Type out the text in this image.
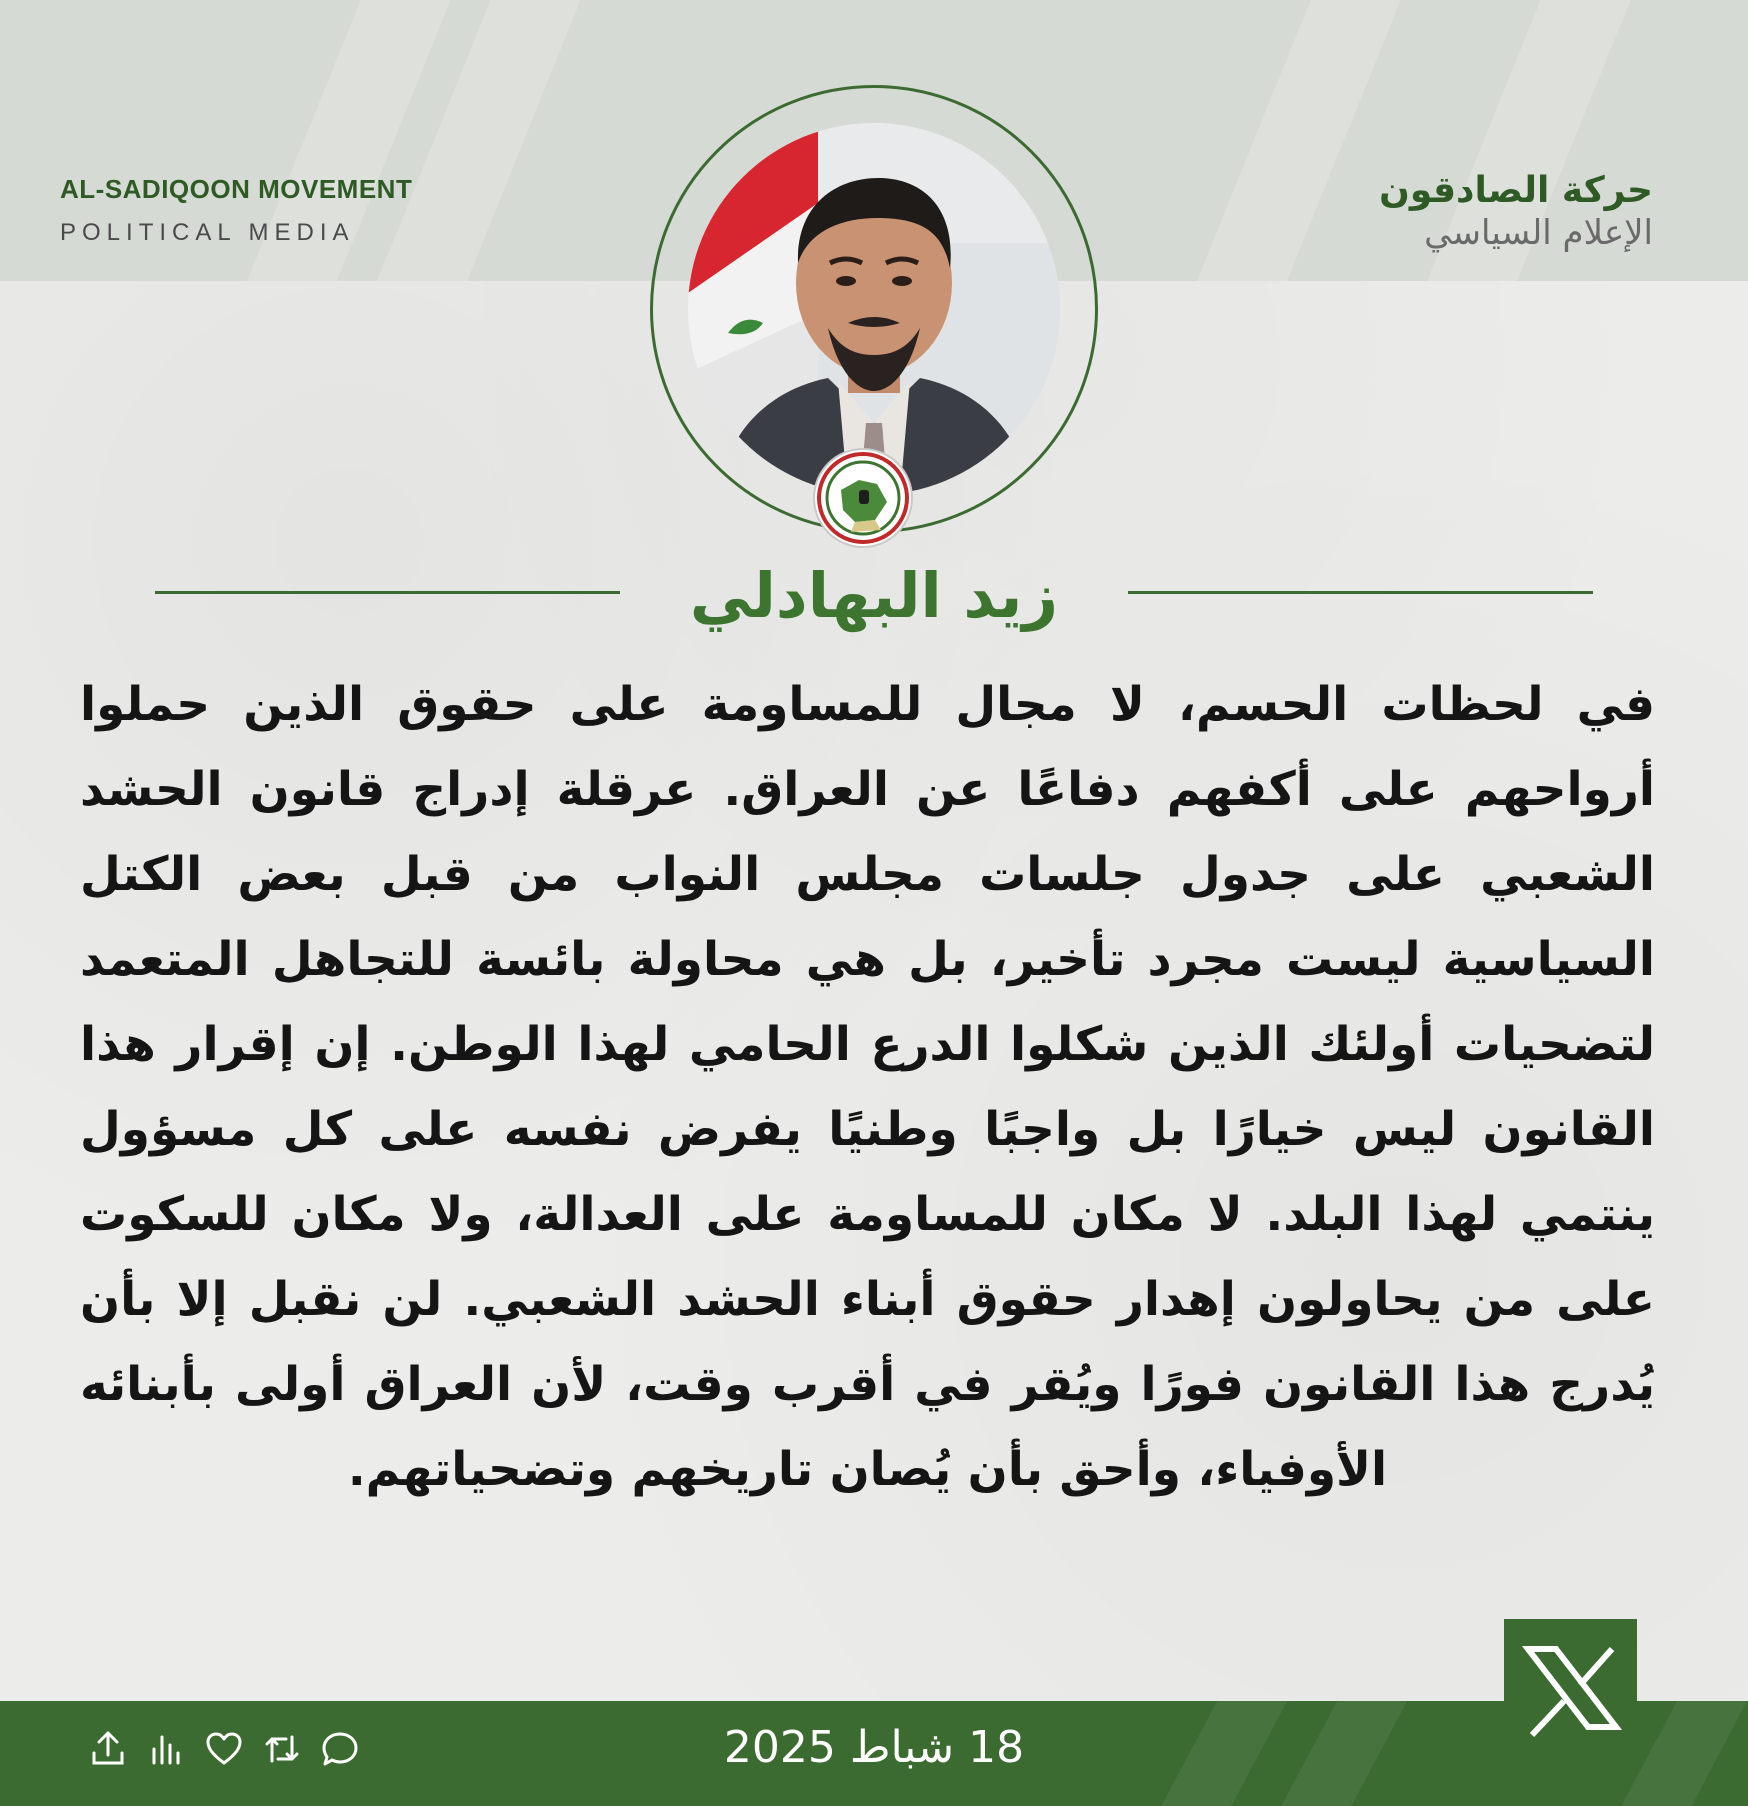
AL-SADIQOON MOVEMENT
POLITICAL MEDIA
حركة الصادقون
الإعلام السياسي
زيد البهادلي
في لحظات الحسم، لا مجال للمساومة على حقوق الذين حملوا أرواحهم على أكفهم دفاعًا عن العراق. عرقلة إدراج قانون الحشد الشعبي على جدول جلسات مجلس النواب من قبل بعض الكتل السياسية ليست مجرد تأخير، بل هي محاولة بائسة للتجاهل المتعمد لتضحيات أولئك الذين شكلوا الدرع الحامي لهذا الوطن. إن إقرار هذا القانون ليس خيارًا بل واجبًا وطنيًا يفرض نفسه على كل مسؤول ينتمي لهذا البلد. لا مكان للمساومة على العدالة، ولا مكان للسكوت على من يحاولون إهدار حقوق أبناء الحشد الشعبي. لن نقبل إلا بأن يُدرج هذا القانون فورًا ويُقر في أقرب وقت، لأن العراق أولى بأبنائه الأوفياء، وأحق بأن يُصان تاريخهم وتضحياتهم.
18 شباط 2025
